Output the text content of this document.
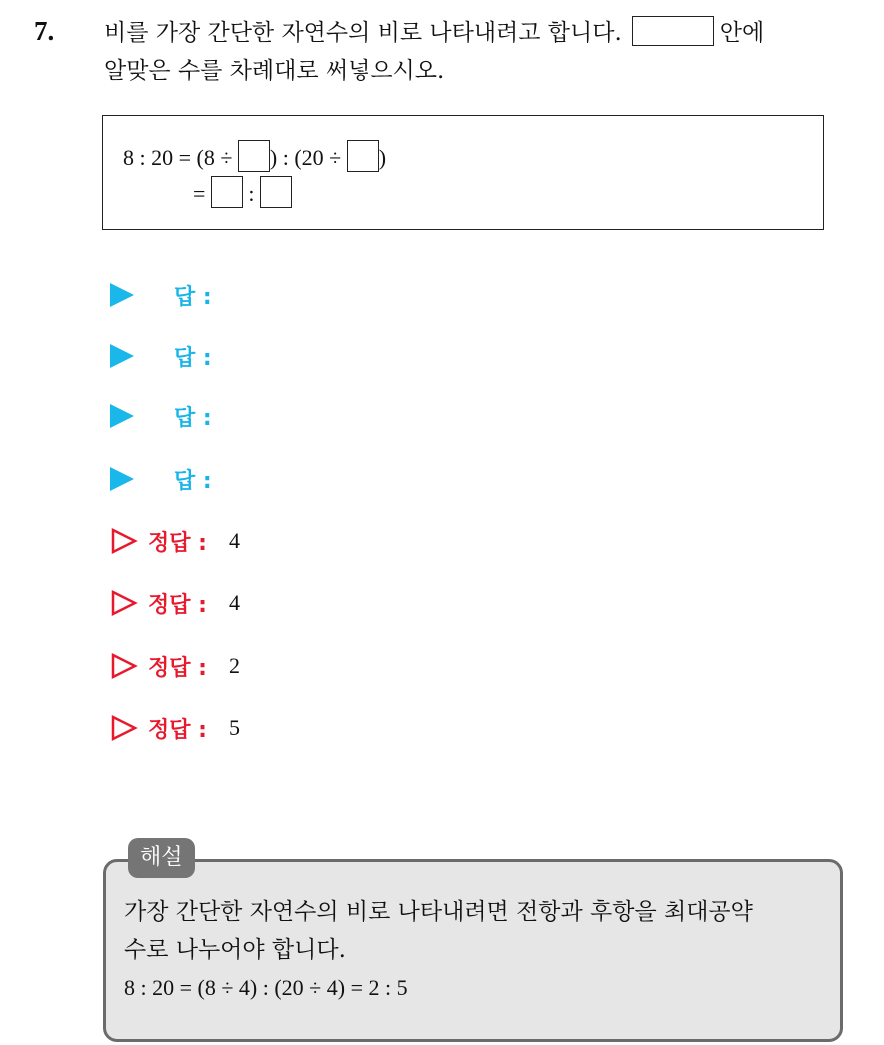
7. 비를 가장 간단한 자연수의 비로 나타내려고 합니다.	안에
알맞은 수를 차례대로 써넣으시오.
8 : 20 = (8 ÷ ) : (20 ÷ )
=  :
답 :
답 :
답 :
답 :
정답 : 4
정답 : 4
정답 : 2
정답 : 5
해설
가장 간단한 자연수의 비로 나타내려면 전항과 후항을 최대공약
수로 나누어야 합니다.
8 : 20 = (8 ÷ 4) : (20 ÷ 4) = 2 : 5
